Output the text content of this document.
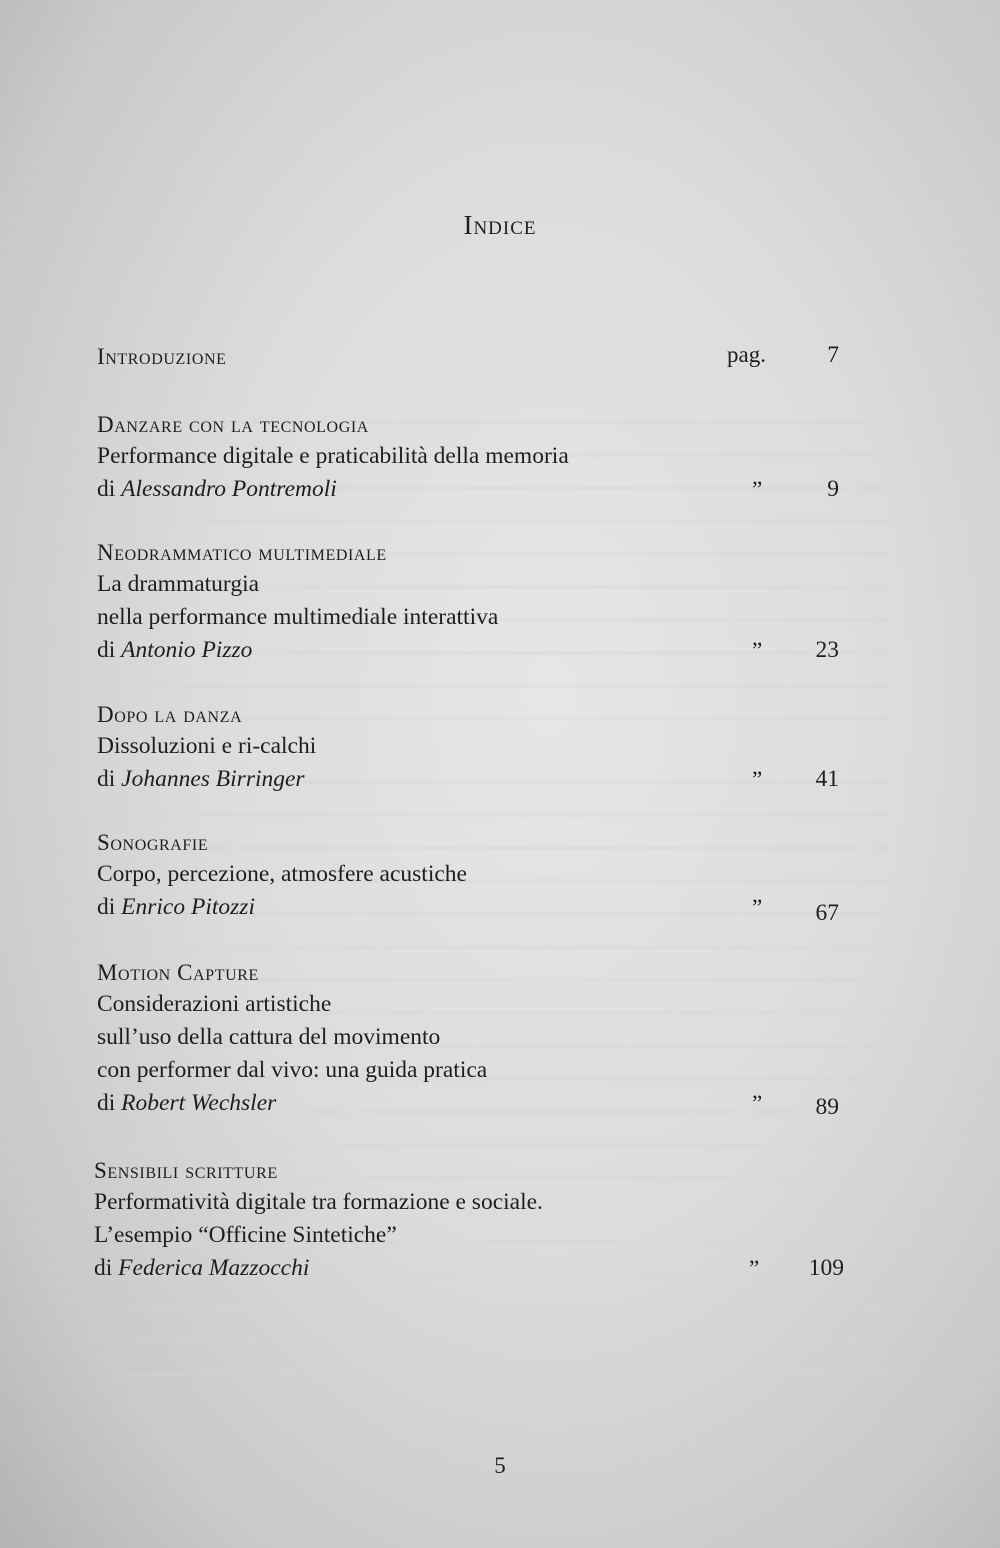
Indice
Introduzione	pag.	7
Danzare con la tecnologia
Performance digitale e praticabilità della memoria
di Alessandro Pontremoli	”	9
Neodrammatico multimediale
La drammaturgia
nella performance multimediale interattiva
di Antonio Pizzo	” 23
Dopo la danza
Dissoluzioni e ri-calchi
di Johannes Birringer	” 41
Sonografie
Corpo, percezione, atmosfere acustiche
di Enrico Pitozzi	” 67
Motion Capture
Considerazioni artistiche
sull’uso della cattura del movimento
con performer dal vivo: una guida pratica
di Robert Wechsler	” 89
Sensibili scritture
Performatività digitale tra formazione e sociale.
L’esempio “Officine Sintetiche”
di Federica Mazzocchi	” 109
5
